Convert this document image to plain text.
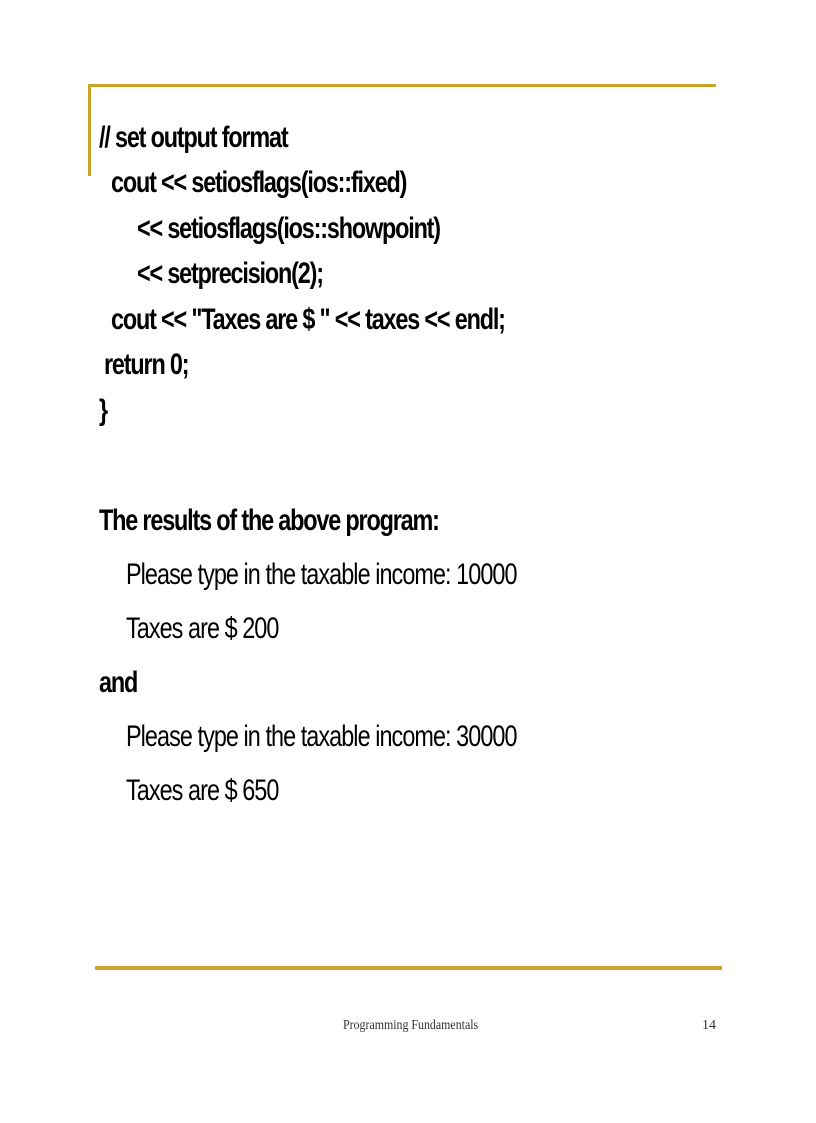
// set output format
cout << setiosflags(ios::fixed)
<< setiosflags(ios::showpoint)
<< setprecision(2);
cout << "Taxes are $ " << taxes << endl;
return 0;
}
The results of the above program:
Please type in the taxable income: 10000
Taxes are $ 200
and
Please type in the taxable income: 30000
Taxes are $ 650
Programming Fundamentals	14
